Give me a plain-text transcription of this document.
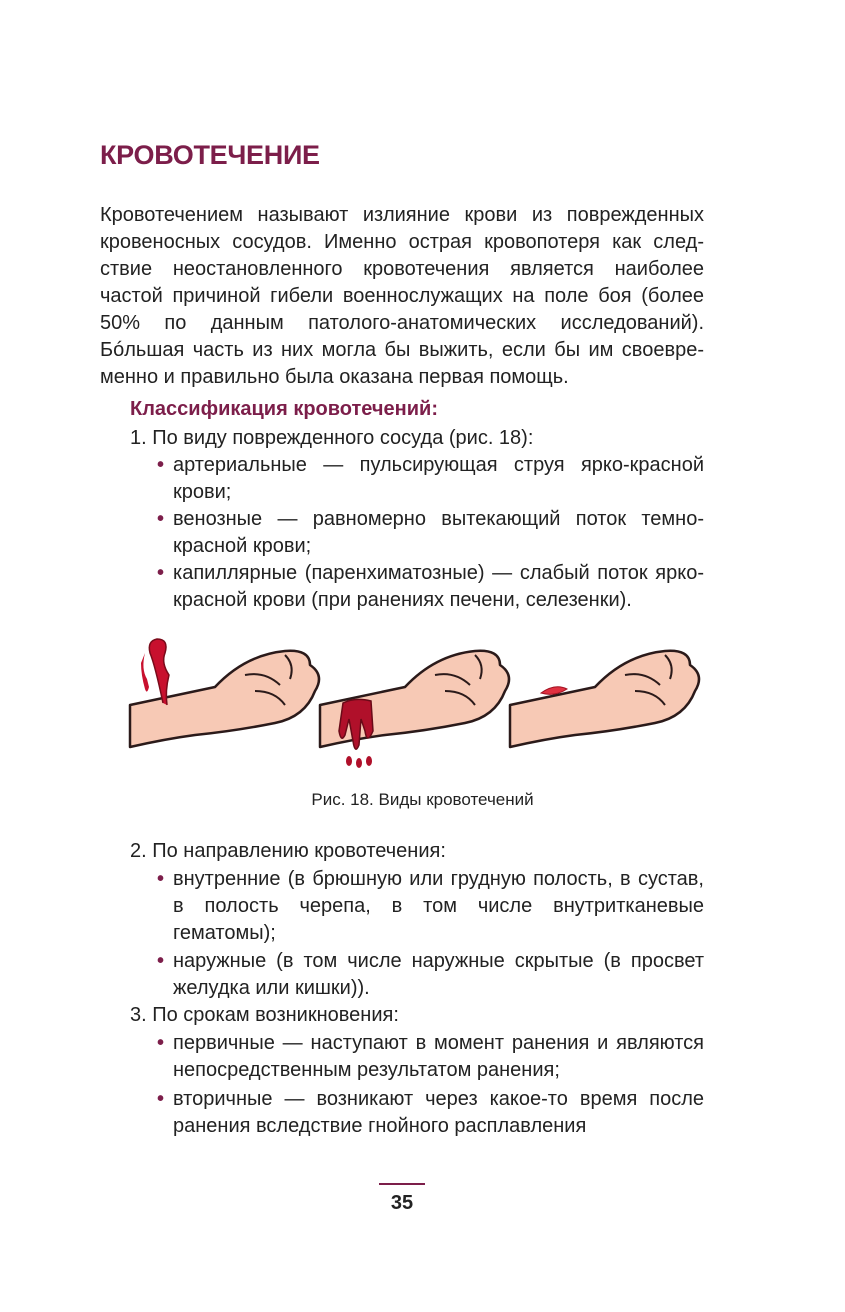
КРОВОТЕЧЕНИЕ

Кровотечением называют излияние крови из поврежденных кровеносных сосудов. Именно острая кровопотеря как следствие неостановленного кровотечения является наиболее частой причиной гибели военнослужащих на поле боя (более 50% по данным патолого-анатомических исследований). Бóльшая часть из них могла бы выжить, если бы им своевременно и правильно была оказана первая помощь.

Классификация кровотечений:

1. По виду поврежденного сосуда (рис. 18):

• артериальные — пульсирующая струя ярко-красной крови;
• венозные — равномерно вытекающий поток темно-красной крови;
• капиллярные (паренхиматозные) — слабый поток ярко-красной крови (при ранениях печени, селезенки).

Рис. 18. Виды кровотечений

2. По направлению кровотечения:

• внутренние (в брюшную или грудную полость, в сустав, в полость черепа, в том числе внутритканевые гематомы);
• наружные (в том числе наружные скрытые (в просвет желудка или кишки)).

3. По срокам возникновения:

• первичные — наступают в момент ранения и являются непосредственным результатом ранения;
• вторичные — возникают через какое-то время после ранения вследствие гнойного расплавления

35
